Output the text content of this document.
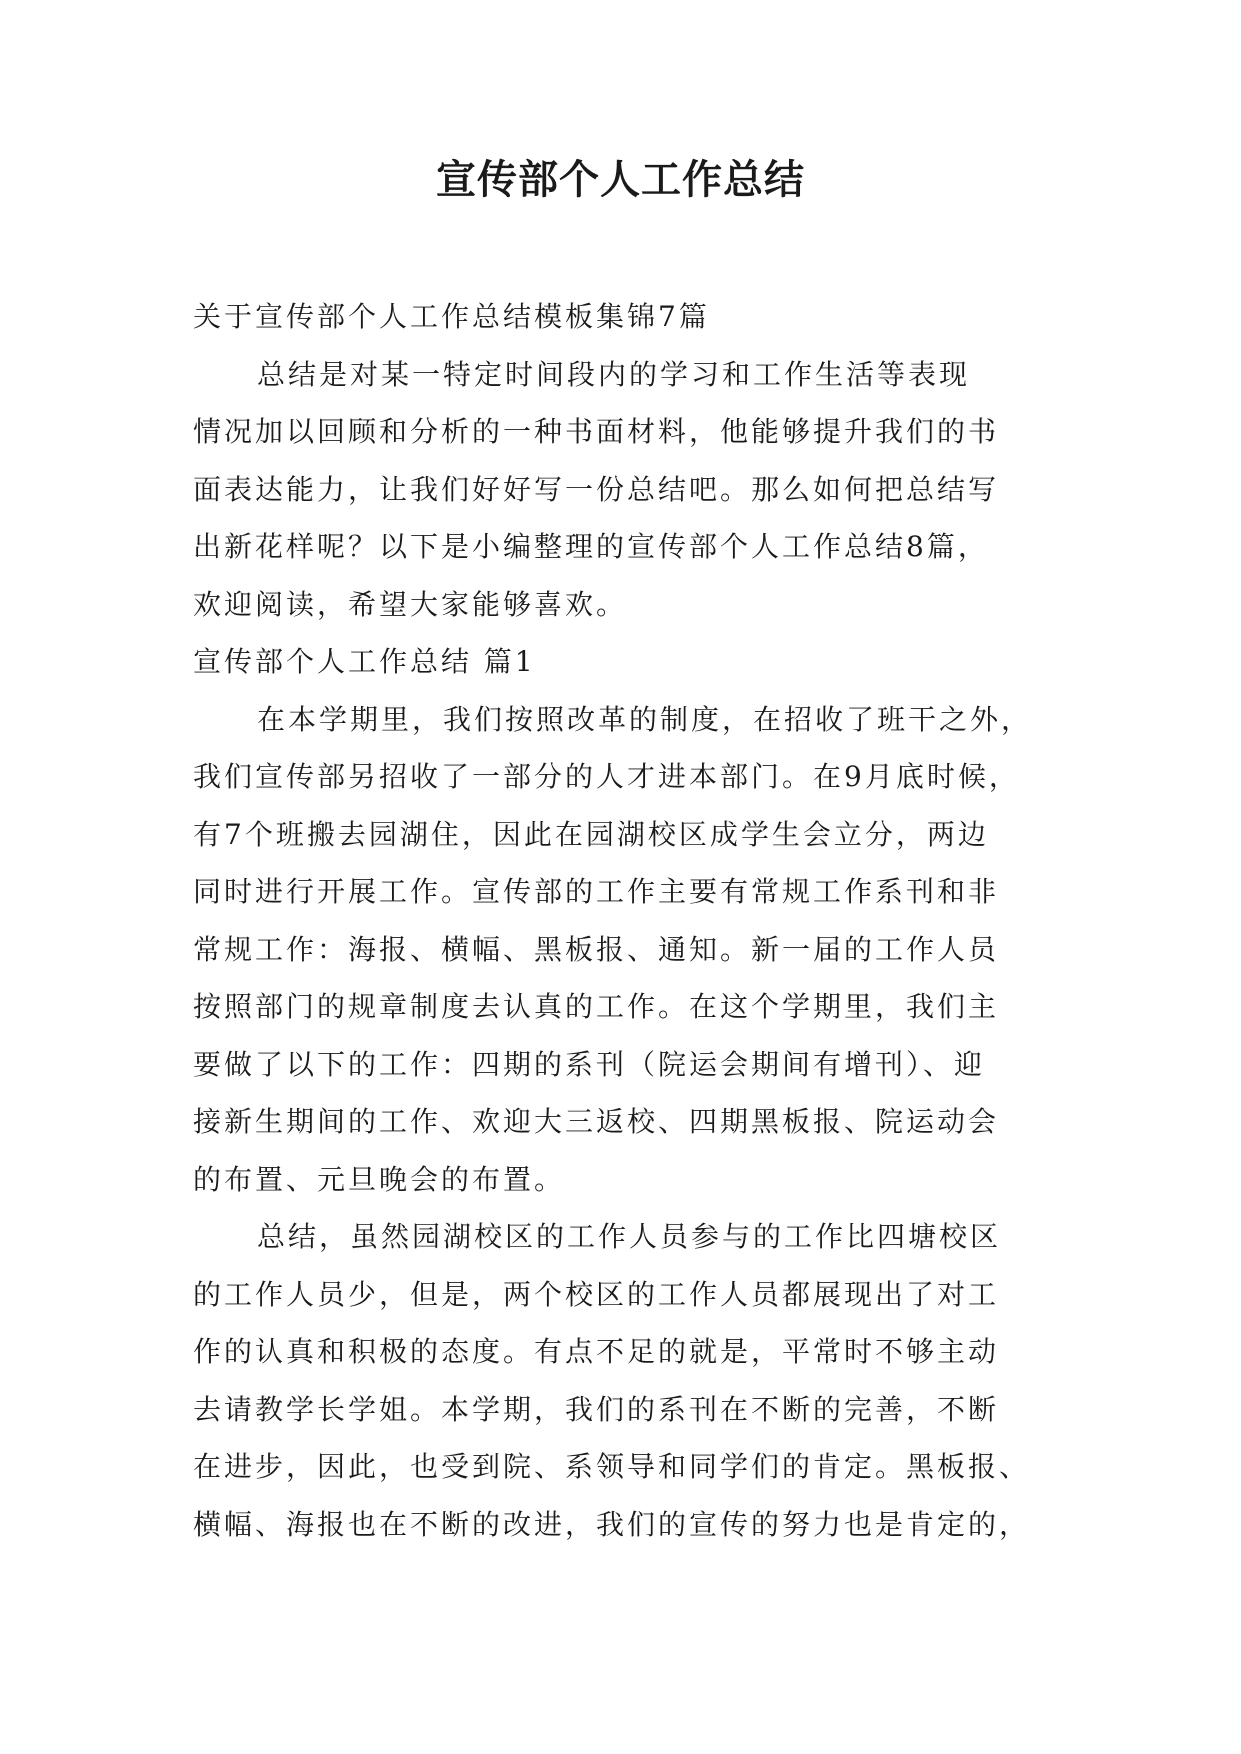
宣传部个人工作总结

关于宣传部个人工作总结模板集锦7篇

总结是对某一特定时间段内的学习和工作生活等表现

情况加以回顾和分析的一种书面材料，他能够提升我们的书

面表达能力，让我们好好写一份总结吧。那么如何把总结写

出新花样呢？以下是小编整理的宣传部个人工作总结8篇，

欢迎阅读，希望大家能够喜欢。

宣传部个人工作总结 篇1

在本学期里，我们按照改革的制度，在招收了班干之外，

我们宣传部另招收了一部分的人才进本部门。在9月底时候，

有7个班搬去园湖住，因此在园湖校区成学生会立分，两边

同时进行开展工作。宣传部的工作主要有常规工作系刊和非

常规工作：海报、横幅、黑板报、通知。新一届的工作人员

按照部门的规章制度去认真的工作。在这个学期里，我们主

要做了以下的工作：四期的系刊（院运会期间有增刊）、迎

接新生期间的工作、欢迎大三返校、四期黑板报、院运动会

的布置、元旦晚会的布置。

总结，虽然园湖校区的工作人员参与的工作比四塘校区

的工作人员少，但是，两个校区的工作人员都展现出了对工

作的认真和积极的态度。有点不足的就是，平常时不够主动

去请教学长学姐。本学期，我们的系刊在不断的完善，不断

在进步，因此，也受到院、系领导和同学们的肯定。黑板报、

横幅、海报也在不断的改进，我们的宣传的努力也是肯定的，
